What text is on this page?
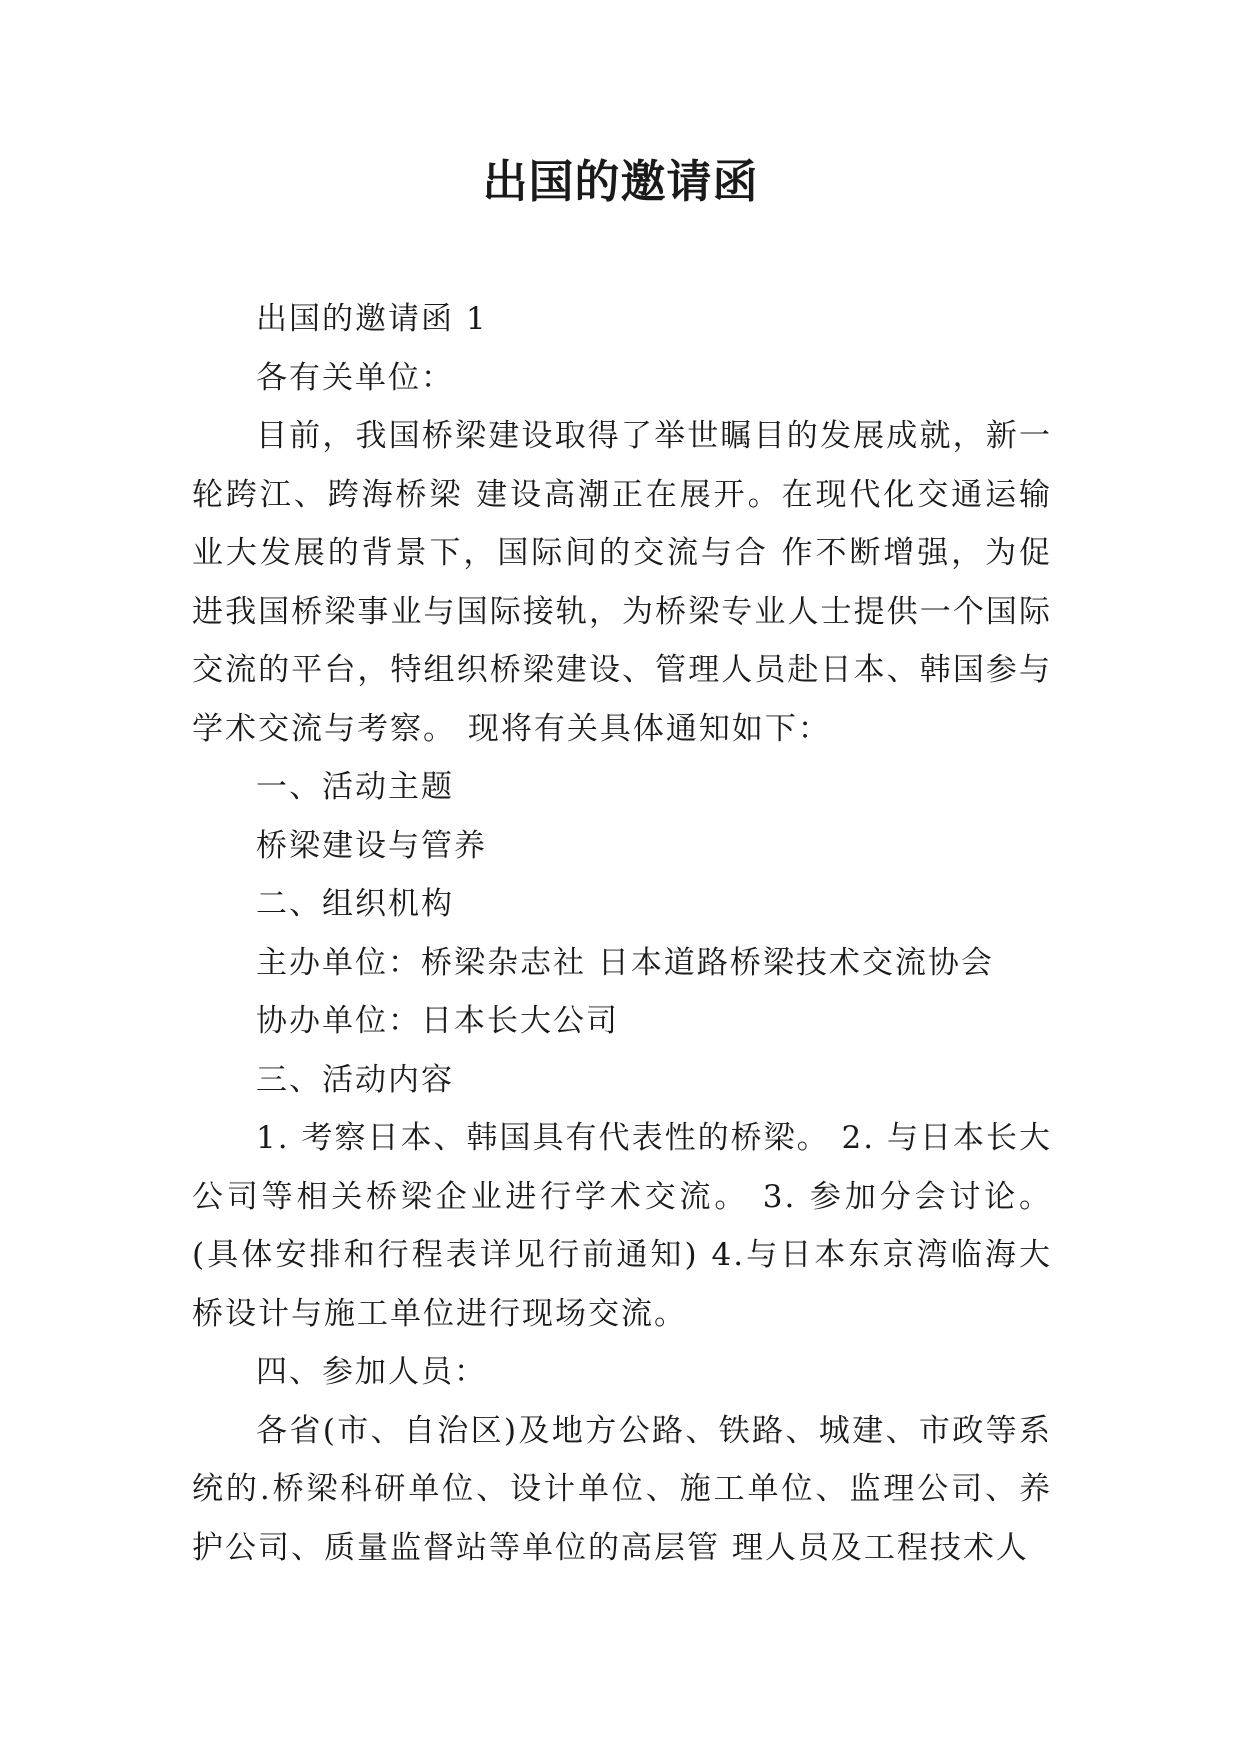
出国的邀请函

出国的邀请函 1

各有关单位：

目前，我国桥梁建设取得了举世瞩目的发展成就，新一轮跨江、跨海桥梁 建设高潮正在展开。在现代化交通运输业大发展的背景下，国际间的交流与合 作不断增强，为促进我国桥梁事业与国际接轨，为桥梁专业人士提供一个国际交流的平台，特组织桥梁建设、管理人员赴日本、韩国参与学术交流与考察。 现将有关具体通知如下：

一、活动主题

桥梁建设与管养

二、组织机构

主办单位：桥梁杂志社 日本道路桥梁技术交流协会

协办单位：日本长大公司

三、活动内容

1. 考察日本、韩国具有代表性的桥梁。 2. 与日本长大公司等相关桥梁企业进行学术交流。 3. 参加分会讨论。(具体安排和行程表详见行前通知) 4.与日本东京湾临海大桥设计与施工单位进行现场交流。

四、参加人员：

各省(市、自治区)及地方公路、铁路、城建、市政等系统的.桥梁科研单位、设计单位、施工单位、监理公司、养护公司、质量监督站等单位的高层管 理人员及工程技术人
